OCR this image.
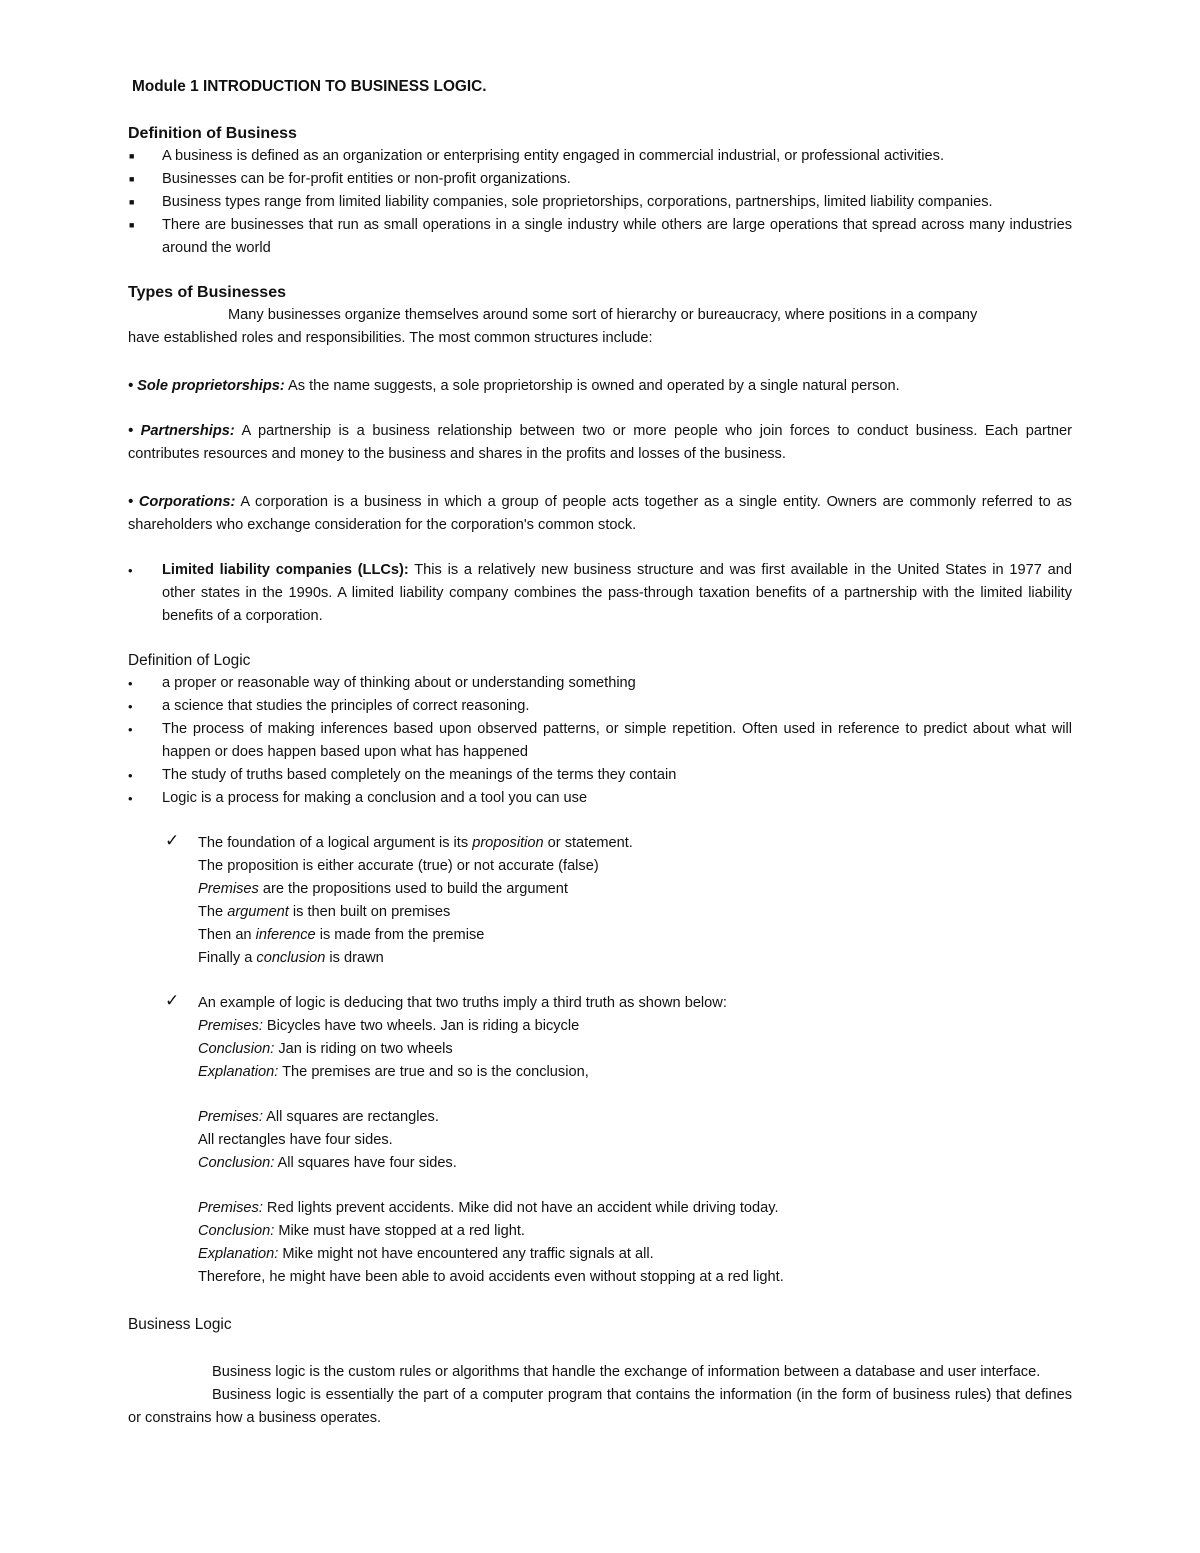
Module 1 INTRODUCTION TO BUSINESS LOGIC.

Definition of Business
■ A business is defined as an organization or enterprising entity engaged in commercial industrial, or professional activities.
■ Businesses can be for-profit entities or non-profit organizations.
■ Business types range from limited liability companies, sole proprietorships, corporations, partnerships, limited liability companies.
■ There are businesses that run as small operations in a single industry while others are large operations that spread across many industries around the world
Types of Businesses

Many businesses organize themselves around some sort of hierarchy or bureaucracy, where positions in a company

have established roles and responsibilities. The most common structures include:

• Sole proprietorships: As the name suggests, a sole proprietorship is owned and operated by a single natural person.

• Partnerships: A partnership is a business relationship between two or more people who join forces to conduct business. Each partner contributes resources and money to the business and shares in the profits and losses of the business.

• Corporations: A corporation is a business in which a group of people acts together as a single entity. Owners are commonly referred to as shareholders who exchange consideration for the corporation's common stock.

• Limited liability companies (LLCs): This is a relatively new business structure and was first available in the United States in 1977 and other states in the 1990s. A limited liability company combines the pass-through taxation benefits of a partnership with the limited liability benefits of a corporation.
Definition of Logic
• a proper or reasonable way of thinking about or understanding something
• a science that studies the principles of correct reasoning.
• The process of making inferences based upon observed patterns, or simple repetition. Often used in reference to predict about what will happen or does happen based upon what has happened
• The study of truths based completely on the meanings of the terms they contain
• Logic is a process for making a conclusion and a tool you can use
✓	The foundation of a logical argument is its proposition or statement.
The proposition is either accurate (true) or not accurate (false)
Premises are the propositions used to build the argument
The argument is then built on premises
Then an inference is made from the premise
Finally a conclusion is drawn
✓	An example of logic is deducing that two truths imply a third truth as shown below:
Premises: Bicycles have two wheels. Jan is riding a bicycle
Conclusion: Jan is riding on two wheels
Explanation: The premises are true and so is the conclusion,
Premises: All squares are rectangles.
All rectangles have four sides.
Conclusion: All squares have four sides.
Premises: Red lights prevent accidents. Mike did not have an accident while driving today.
Conclusion: Mike must have stopped at a red light.
Explanation: Mike might not have encountered any traffic signals at all.
Therefore, he might have been able to avoid accidents even without stopping at a red light.
Business Logic

Business logic is the custom rules or algorithms that handle the exchange of information between a database and user interface.

Business logic is essentially the part of a computer program that contains the information (in the form of business rules) that defines or constrains how a business operates.
